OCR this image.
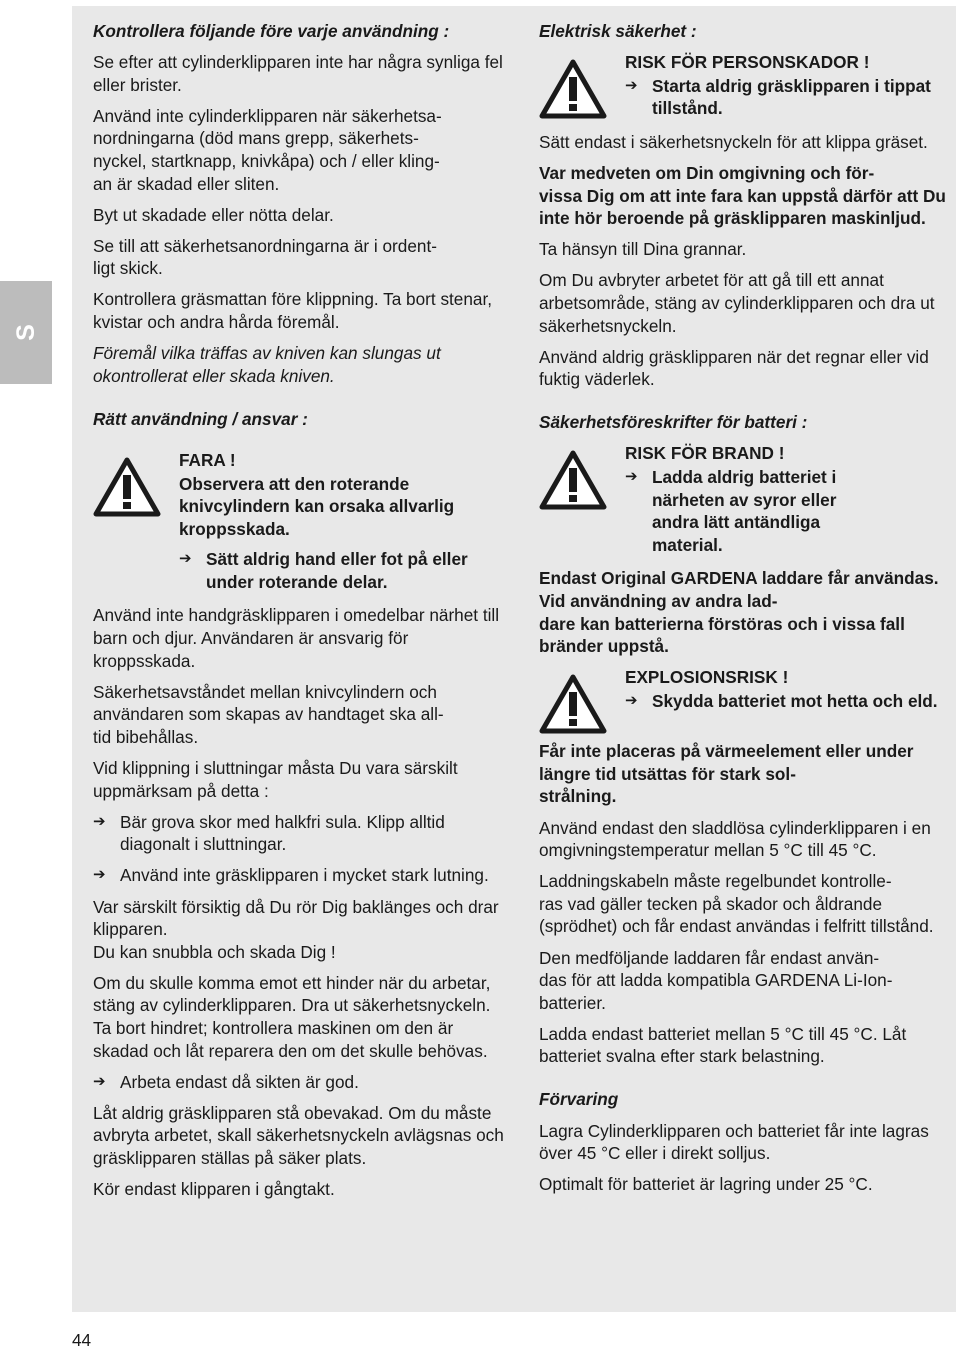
S
Kontrollera följande före varje användning :
Se efter att cylinderklipparen inte har några synliga fel eller brister.
Använd inte cylinderklipparen när säkerhetsa-
nordningarna (död mans grepp, säkerhets-
nyckel, startknapp, knivkåpa) och / eller kling-
an är skadad eller sliten.
Byt ut skadade eller nötta delar.
Se till att säkerhetsanordningarna är i ordent-
ligt skick.
Kontrollera gräsmattan före klippning. Ta bort stenar, kvistar och andra hårda föremål.
Föremål vilka träffas av kniven kan slungas ut okontrollerat eller skada kniven.
Rätt användning / ansvar :
FARA !
Observera att den roterande knivcylindern kan orsaka allvarlig kroppsskada.
➔ Sätt aldrig hand eller fot på eller under roterande delar.
Använd inte handgräsklipparen i omedelbar närhet till barn och djur. Användaren är ansvarig för kroppsskada.
Säkerhetsavståndet mellan knivcylindern och användaren som skapas av handtaget ska all-
tid bibehållas.
Vid klippning i sluttningar måsta Du vara särskilt uppmärksam på detta :
➔ Bär grova skor med halkfri sula. Klipp alltid diagonalt i sluttningar.
➔ Använd inte gräsklipparen i mycket stark lutning.
Var särskilt försiktig då Du rör Dig baklänges och drar klipparen.
Du kan snubbla och skada Dig !
Om du skulle komma emot ett hinder när du arbetar, stäng av cylinderklipparen. Dra ut säkerhetsnyckeln.
Ta bort hindret; kontrollera maskinen om den är skadad och låt reparera den om det skulle behövas.
➔ Arbeta endast då sikten är god.
Låt aldrig gräsklipparen stå obevakad. Om du måste avbryta arbetet, skall säkerhetsnyckeln avlägsnas och gräsklipparen ställas på säker plats.
Kör endast klipparen i gångtakt.
Elektrisk säkerhet :
RISK FÖR PERSONSKADOR !
➔ Starta aldrig gräsklipparen i tippat tillstånd.
Sätt endast i säkerhetsnyckeln för att klippa gräset.
Var medveten om Din omgivning och för-
vissa Dig om att inte fara kan uppstå därför att Du inte hör beroende på gräsklipparen maskinljud.
Ta hänsyn till Dina grannar.
Om Du avbryter arbetet för att gå till ett annat arbetsområde, stäng av cylinderklipparen och dra ut säkerhetsnyckeln.
Använd aldrig gräsklipparen när det regnar eller vid fuktig väderlek.
Säkerhetsföreskrifter för batteri :
RISK FÖR BRAND !
➔ Ladda aldrig batteriet i
närheten av syror eller
andra lätt antändliga
material.
Endast Original GARDENA laddare får användas. Vid användning av andra lad-
dare kan batterierna förstöras och i vissa fall bränder uppstå.
EXPLOSIONSRISK !
➔ Skydda batteriet mot hetta och eld.
Får inte placeras på värmeelement eller under längre tid utsättas för stark sol-
strålning.
Använd endast den sladdlösa cylinderklipparen i en omgivningstemperatur mellan 5 °C till 45 °C.
Laddningskabeln måste regelbundet kontrolle-
ras vad gäller tecken på skador och åldrande (sprödhet) och får endast användas i felfritt tillstånd.
Den medföljande laddaren får endast använ-
das för att ladda kompatibla GARDENA Li-Ion-
batterier.
Ladda endast batteriet mellan 5 °C till 45 °C. Låt batteriet svalna efter stark belastning.
Förvaring
Lagra Cylinderklipparen och batteriet får inte lagras över 45 °C eller i direkt solljus.
Optimalt för batteriet är lagring under 25 °C.
44
